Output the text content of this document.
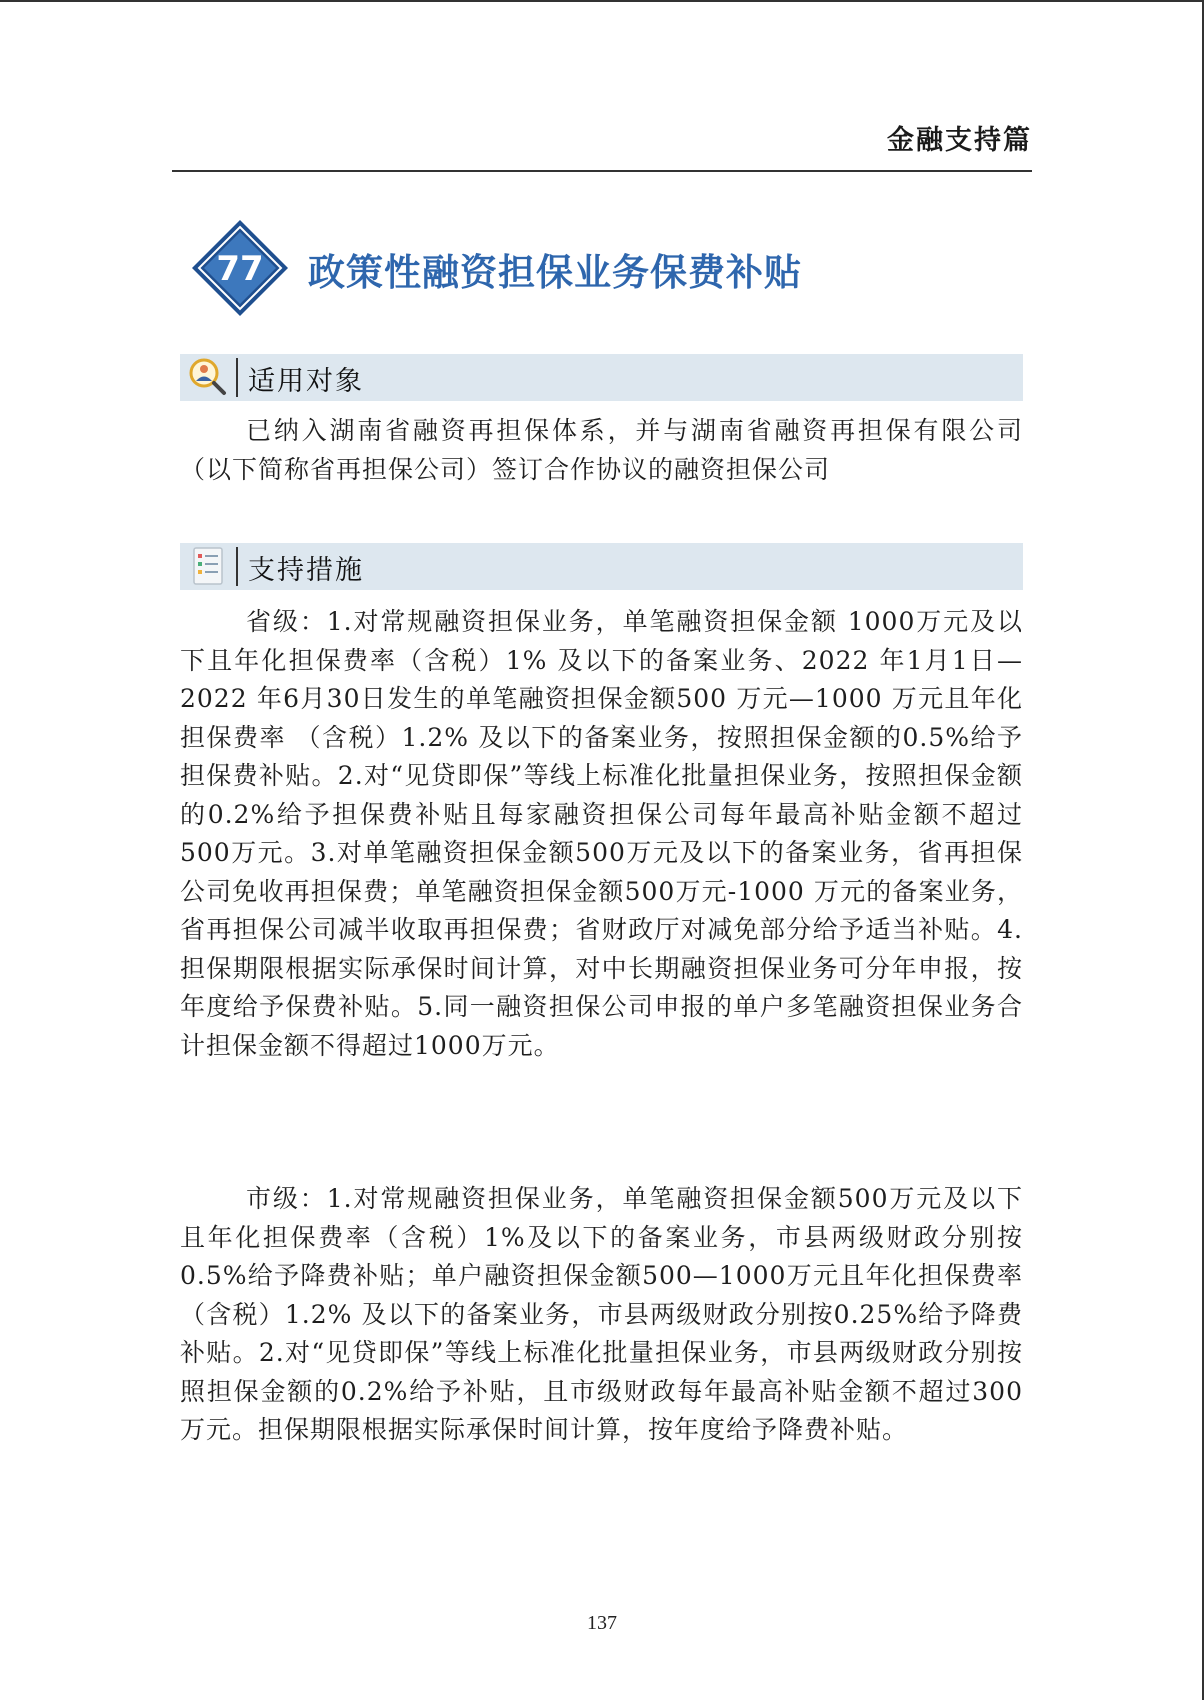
金融支持篇
77 政策性融资担保业务保费补贴
适用对象

已纳入湖南省融资再担保体系，并与湖南省融资再担保有限公司（以下简称省再担保公司）签订合作协议的融资担保公司

支持措施

省级：1.对常规融资担保业务，单笔融资担保金额 1000万元及以下且年化担保费率（含税）1% 及以下的备案业务、2022 年1月1日—2022 年6月30日发生的单笔融资担保金额500 万元—1000 万元且年化担保费率 （含税）1.2% 及以下的备案业务，按照担保金额的0.5%给予担保费补贴。2.对“见贷即保”等线上标准化批量担保业务，按照担保金额的0.2%给予担保费补贴且每家融资担保公司每年最高补贴金额不超过500万元。3.对单笔融资担保金额500万元及以下的备案业务，省再担保公司免收再担保费；单笔融资担保金额500万元-1000 万元的备案业务，省再担保公司减半收取再担保费；省财政厅对减免部分给予适当补贴。4.担保期限根据实际承保时间计算，对中长期融资担保业务可分年申报，按年度给予保费补贴。5.同一融资担保公司申报的单户多笔融资担保业务合计担保金额不得超过1000万元。

市级：1.对常规融资担保业务，单笔融资担保金额500万元及以下且年化担保费率（含税）1%及以下的备案业务，市县两级财政分别按0.5%给予降费补贴；单户融资担保金额500—1000万元且年化担保费率（含税）1.2% 及以下的备案业务，市县两级财政分别按0.25%给予降费补贴。2.对“见贷即保”等线上标准化批量担保业务，市县两级财政分别按照担保金额的0.2%给予补贴，且市级财政每年最高补贴金额不超过300万元。担保期限根据实际承保时间计算，按年度给予降费补贴。

137
